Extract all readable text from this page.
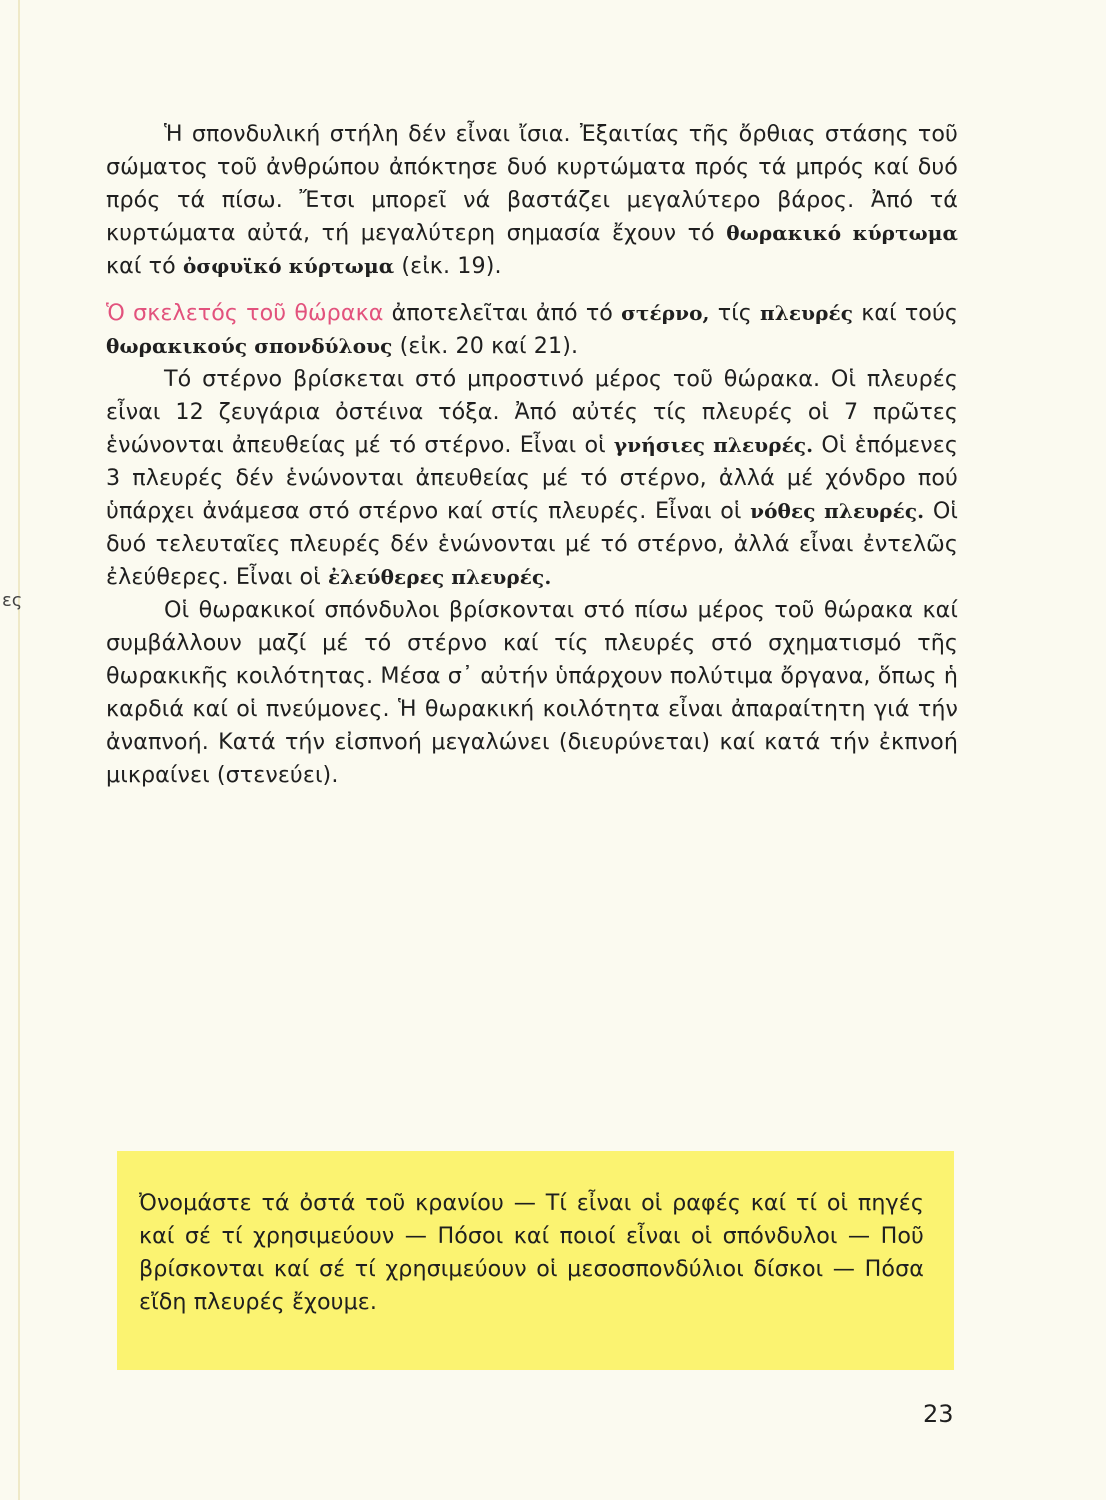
ες

Ἡ σπονδυλική στήλη δέν εἶναι ἴσια. Ἐξαιτίας τῆς ὄρθιας στάσης τοῦ σώματος τοῦ ἀνθρώπου ἀπόκτησε δυό κυρτώματα πρός τά μπρός καί δυό πρός τά πίσω. Ἔτσι μπορεῖ νά βαστάζει μεγαλύτερο βάρος. Ἀπό τά κυρτώματα αὐτά, τή μεγαλύτερη σημασία ἔχουν τό θωρακικό κύρτωμα καί τό ὀσφυϊκό κύρτωμα (εἰκ. 19).

Ὁ σκελετός τοῦ θώρακα ἀποτελεῖται ἀπό τό στέρνο, τίς πλευρές καί τούς θωρακικούς σπονδύλους (εἰκ. 20 καί 21).

Τό στέρνο βρίσκεται στό μπροστινό μέρος τοῦ θώρακα. Οἱ πλευρές εἶναι 12 ζευγάρια ὀστέινα τόξα. Ἀπό αὐτές τίς πλευρές οἱ 7 πρῶτες ἑνώνονται ἀπευθείας μέ τό στέρνο. Εἶναι οἱ γνήσιες πλευρές. Οἱ ἑπόμενες 3 πλευρές δέν ἑνώνονται ἀπευθείας μέ τό στέρνο, ἀλλά μέ χόνδρο πού ὑπάρχει ἀνάμεσα στό στέρνο καί στίς πλευρές. Εἶναι οἱ νόθες πλευρές. Οἱ δυό τελευταῖες πλευρές δέν ἑνώνονται μέ τό στέρνο, ἀλλά εἶναι ἐντελῶς ἐλεύθερες. Εἶναι οἱ ἐλεύθερες πλευρές.

Οἱ θωρακικοί σπόνδυλοι βρίσκονται στό πίσω μέρος τοῦ θώρακα καί συμβάλλουν μαζί μέ τό στέρνο καί τίς πλευρές στό σχηματισμό τῆς θωρακικῆς κοιλότητας. Μέσα σ᾽ αὐτήν ὑπάρχουν πολύτιμα ὄργανα, ὅπως ἡ καρδιά καί οἱ πνεύμονες. Ἡ θωρακική κοιλότητα εἶναι ἀπαραίτητη γιά τήν ἀναπνοή. Κατά τήν εἰσπνοή μεγαλώνει (διευρύνεται) καί κατά τήν ἐκπνοή μικραίνει (στενεύει).

Ὀνομάστε τά ὀστά τοῦ κρανίου — Τί εἶναι οἱ ραφές καί τί οἱ πηγές καί σέ τί χρησιμεύουν — Πόσοι καί ποιοί εἶναι οἱ σπόνδυλοι — Ποῦ βρίσκονται καί σέ τί χρησιμεύουν οἱ μεσοσπονδύλιοι δίσκοι — Πόσα εἴδη πλευρές ἔχουμε.

23
